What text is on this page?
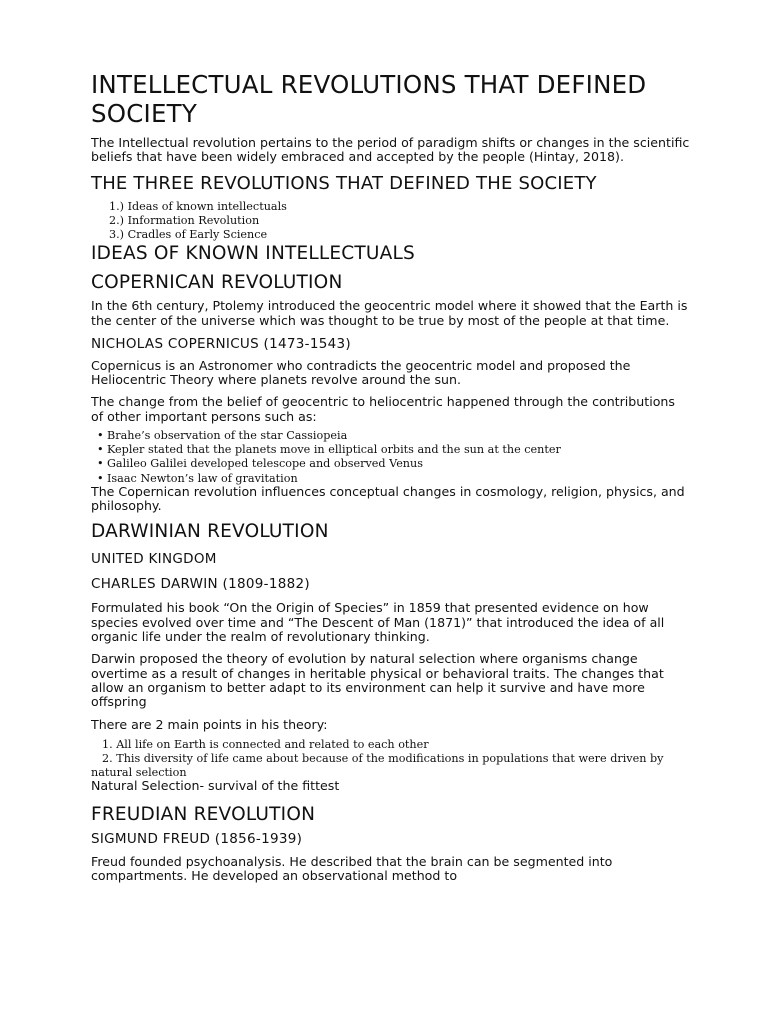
INTELLECTUAL REVOLUTIONS THAT DEFINED SOCIETY

The Intellectual revolution pertains to the period of paradigm shifts or changes in the scientific beliefs that have been widely embraced and accepted by the people (Hintay, 2018).

THE THREE REVOLUTIONS THAT DEFINED THE SOCIETY
1.) Ideas of known intellectuals
2.) Information Revolution
3.) Cradles of Early Science
IDEAS OF KNOWN INTELLECTUALS
COPERNICAN REVOLUTION

In the 6th century, Ptolemy introduced the geocentric model where it showed that the Earth is the center of the universe which was thought to be true by most of the people at that time.

NICHOLAS COPERNICUS (1473-1543)

Copernicus is an Astronomer who contradicts the geocentric model and proposed the Heliocentric Theory where planets revolve around the sun.

The change from the belief of geocentric to heliocentric happened through the contributions of other important persons such as:

• Brahe’s observation of the star Cassiopeia
• Kepler stated that the planets move in elliptical orbits and the sun at the center
• Galileo Galilei developed telescope and observed Venus
• Isaac Newton’s law of gravitation

The Copernican revolution influences conceptual changes in cosmology, religion, physics, and philosophy.

DARWINIAN REVOLUTION
UNITED KINGDOM
CHARLES DARWIN (1809-1882)

Formulated his book “On the Origin of Species” in 1859 that presented evidence on how species evolved over time and “The Descent of Man (1871)” that introduced the idea of all organic life under the realm of revolutionary thinking.

Darwin proposed the theory of evolution by natural selection where organisms change overtime as a result of changes in heritable physical or behavioral traits. The changes that allow an organism to better adapt to its environment can help it survive and have more offspring

There are 2 main points in his theory:

1. All life on Earth is connected and related to each other
2. This diversity of life came about because of the modifications in populations that were driven by natural selection

Natural Selection- survival of the fittest

FREUDIAN REVOLUTION
SIGMUND FREUD (1856-1939)

Freud founded psychoanalysis. He described that the brain can be segmented into compartments. He developed an observational method to
